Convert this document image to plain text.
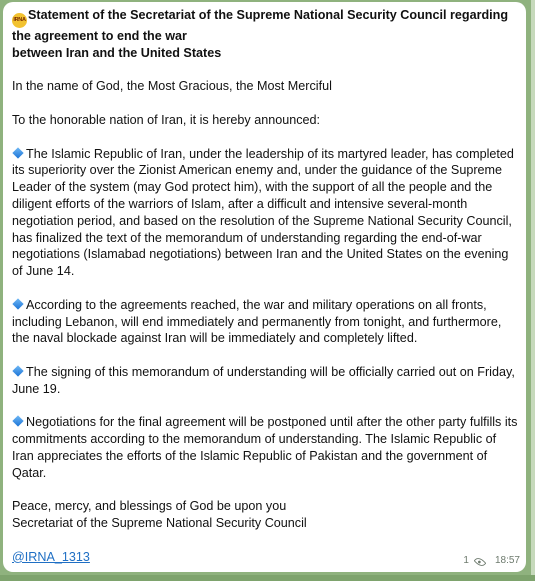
IRNA Statement of the Secretariat of the Supreme National Security Council regarding the agreement to end the war
between Iran and the United States

In the name of God, the Most Gracious, the Most Merciful

To the honorable nation of Iran, it is hereby announced:

The Islamic Republic of Iran, under the leadership of its martyred leader, has completed its superiority over the Zionist American enemy and, under the guidance of the Supreme Leader of the system (may God protect him), with the support of all the people and the diligent efforts of the warriors of Islam, after a difficult and intensive several-month negotiation period, and based on the resolution of the Supreme National Security Council, has finalized the text of the memorandum of understanding regarding the end-of-war negotiations (Islamabad negotiations) between Iran and the United States on the evening of June 14.

According to the agreements reached, the war and military operations on all fronts, including Lebanon, will end immediately and permanently from tonight, and furthermore, the naval blockade against Iran will be immediately and completely lifted.

The signing of this memorandum of understanding will be officially carried out on Friday, June 19.

Negotiations for the final agreement will be postponed until after the other party fulfills its commitments according to the memorandum of understanding. The Islamic Republic of Iran appreciates the efforts of the Islamic Republic of Pakistan and the government of Qatar.

Peace, mercy, and blessings of God be upon you

Secretariat of the Supreme National Security Council

@IRNA_1313	1	18:57
